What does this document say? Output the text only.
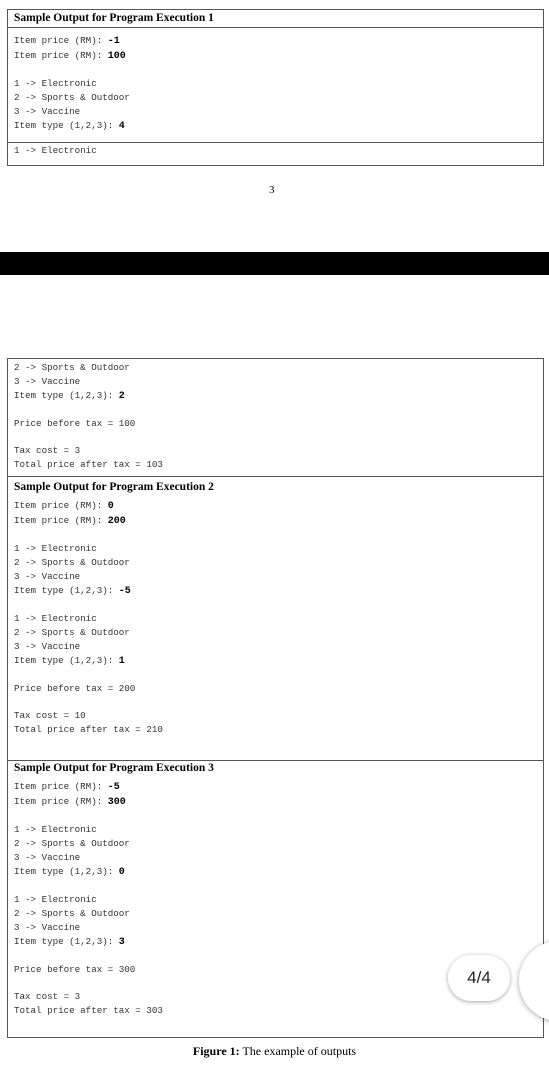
Sample Output for Program Execution 1
Item price (RM): -1
Item price (RM): 100
1 -> Electronic
2 -> Sports & Outdoor
3 -> Vaccine
Item type (1,2,3): 4
1 -> Electronic
3
2 -> Sports & Outdoor
3 -> Vaccine
Item type (1,2,3): 2
Price before tax = 100
Tax cost = 3
Total price after tax = 103
Sample Output for Program Execution 2
Item price (RM): 0
Item price (RM): 200
1 -> Electronic
2 -> Sports & Outdoor
3 -> Vaccine
Item type (1,2,3): -5
1 -> Electronic
2 -> Sports & Outdoor
3 -> Vaccine
Item type (1,2,3): 1
Price before tax = 200
Tax cost = 10
Total price after tax = 210
Sample Output for Program Execution 3
Item price (RM): -5
Item price (RM): 300
1 -> Electronic
2 -> Sports & Outdoor
3 -> Vaccine
Item type (1,2,3): 0
1 -> Electronic
2 -> Sports & Outdoor
3 -> Vaccine
Item type (1,2,3): 3
Price before tax = 300
Tax cost = 3
Total price after tax = 303
Figure 1: The example of outputs
4/4
